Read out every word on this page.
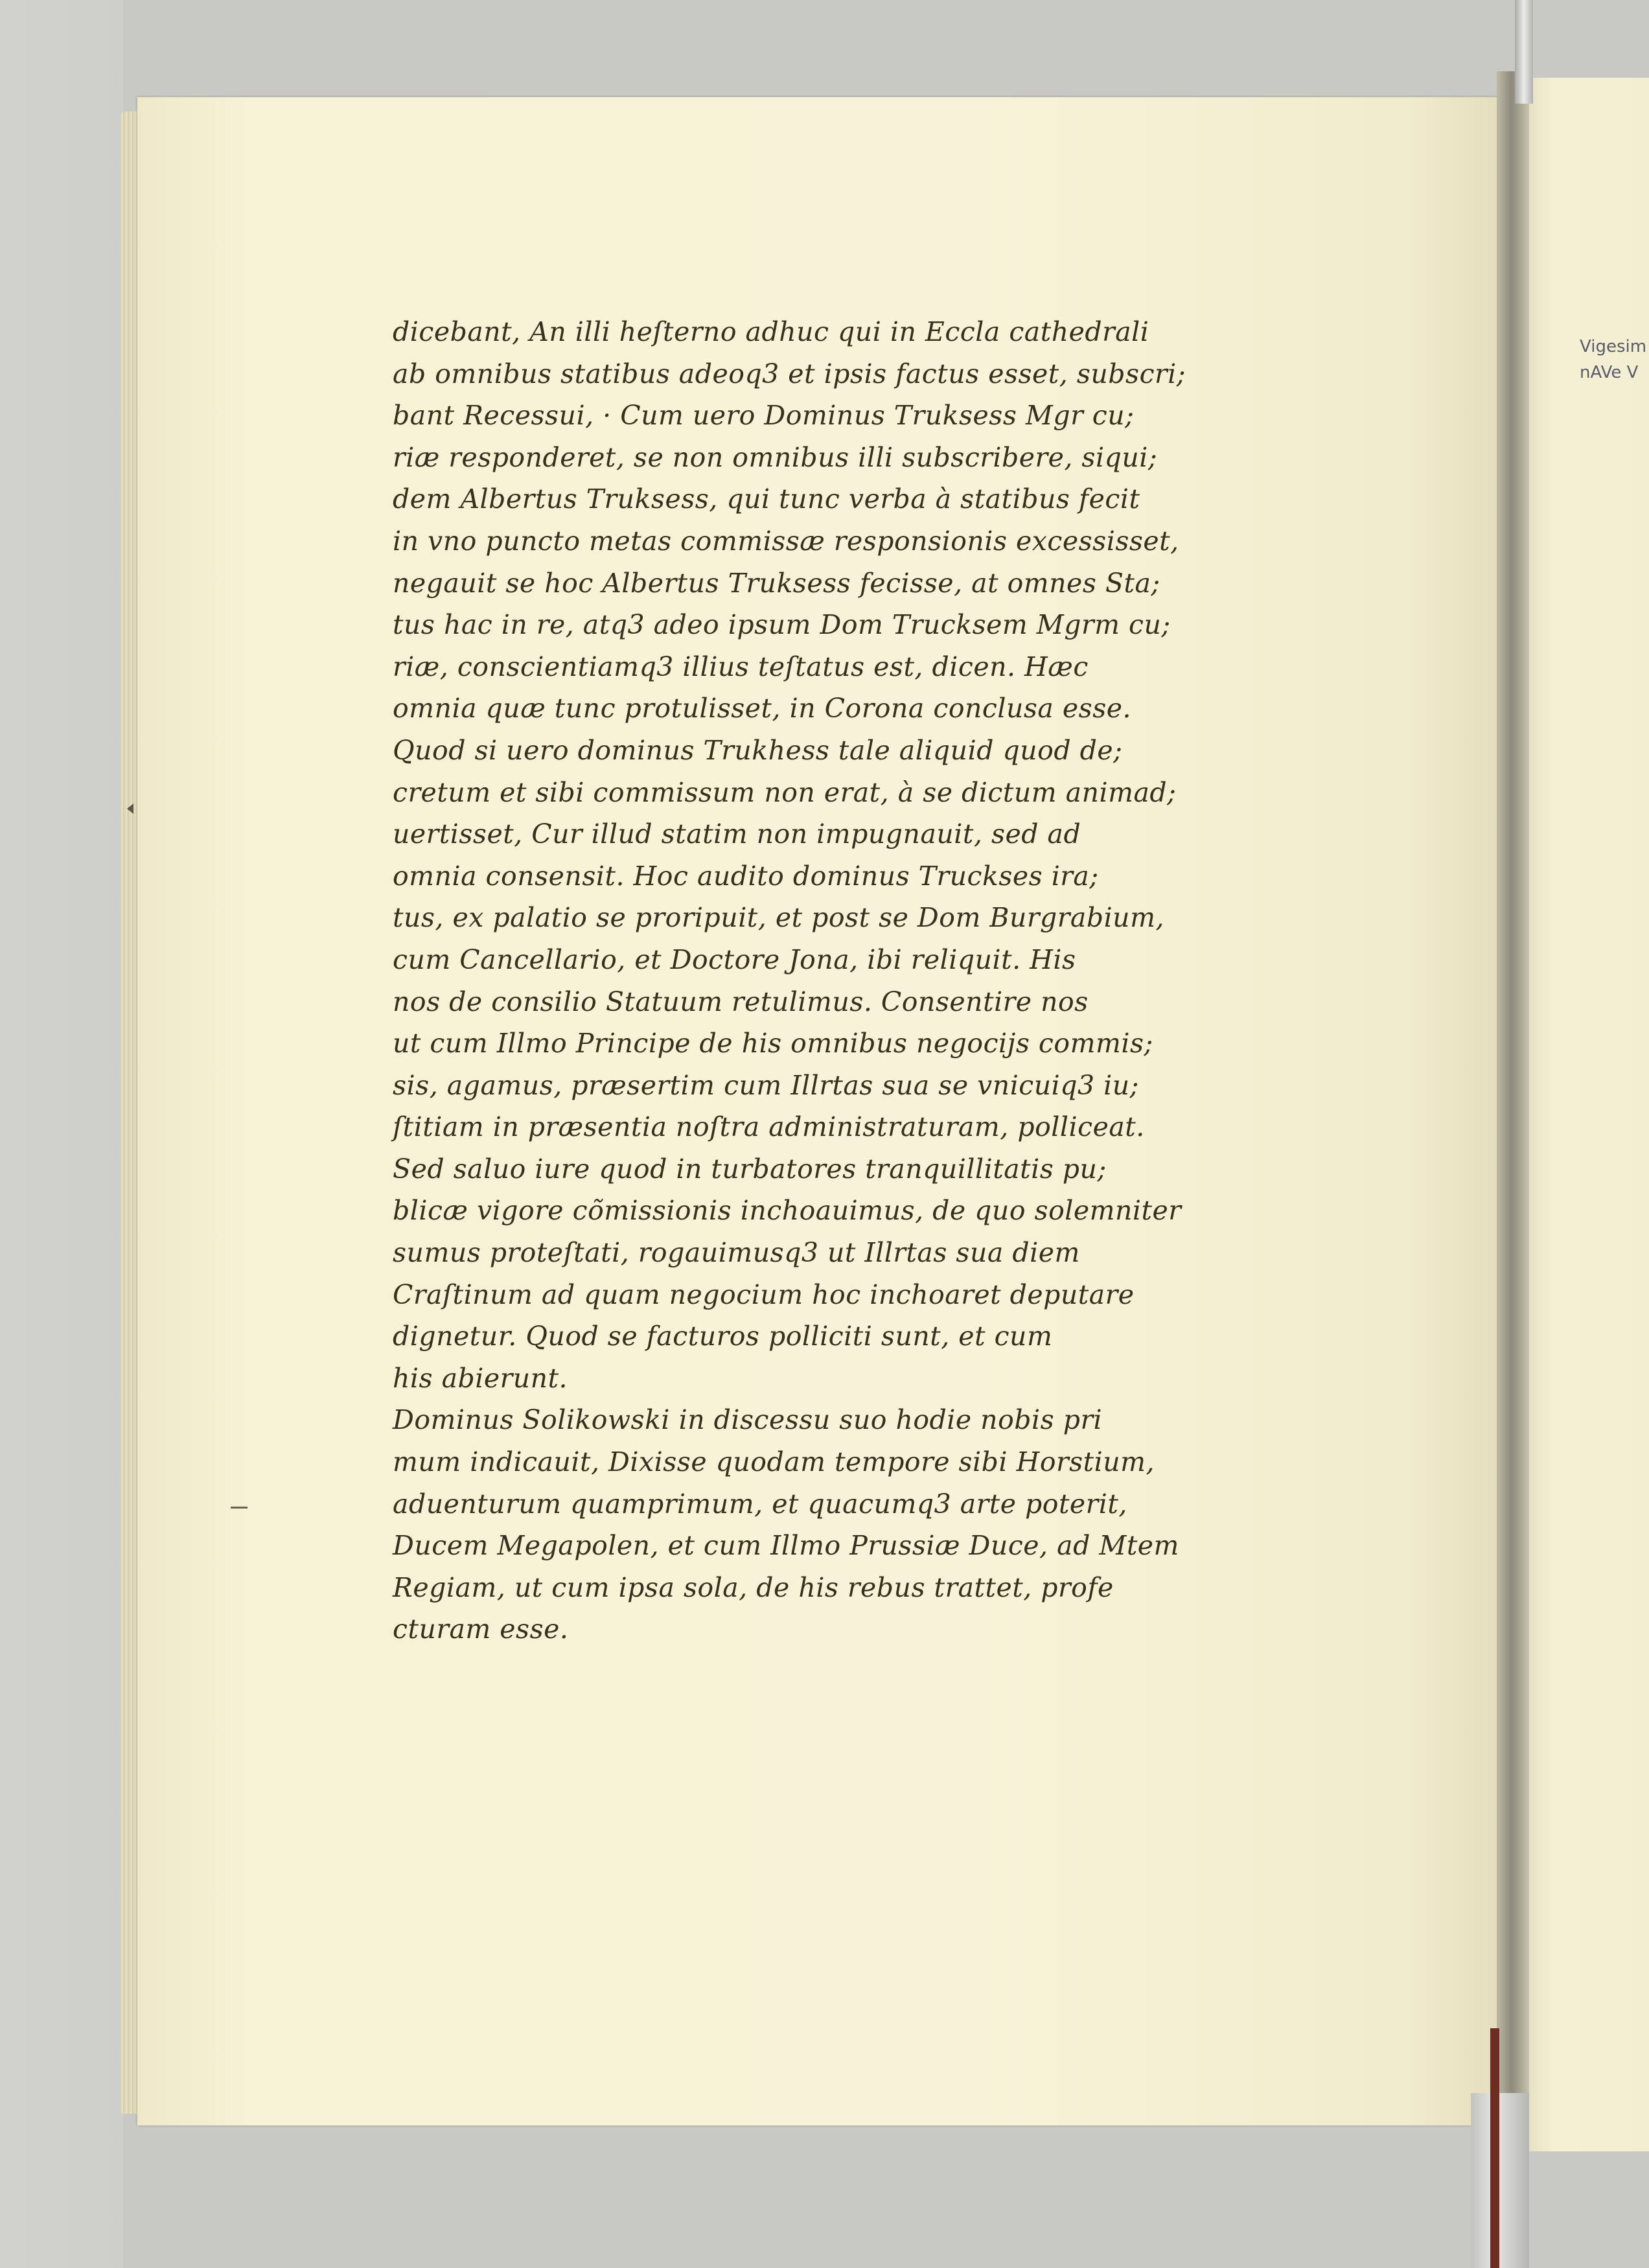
dicebant, An illi heſterno adhuc qui in Eccla cathedrali
ab omnibus statibus adeoq3 et ipsis factus esset, subscri;
bant Recessui, · Cum uero Dominus Truksess Mgr cu;
riæ responderet, se non omnibus illi subscribere, siqui;
dem Albertus Truksess, qui tunc verba à statibus fecit
in vno puncto metas commissæ responsionis excessisset,
negauit se hoc Albertus Truksess fecisse, at omnes Sta;
tus hac in re, atq3 adeo ipsum Dom Trucksem Mgrm cu;
riæ, conscientiamq3 illius teſtatus est, dicen. Hæc
omnia quæ tunc protulisset, in Corona conclusa esse.
Quod si uero dominus Trukhess tale aliquid quod de;
cretum et sibi commissum non erat, à se dictum animad;
uertisset, Cur illud statim non impugnauit, sed ad
omnia consensit. Hoc audito dominus Truckses ira;
tus, ex palatio se proripuit, et post se Dom Burgrabium,
cum Cancellario, et Doctore Jona, ibi reliquit. His
nos de consilio Statuum retulimus. Consentire nos
ut cum Illmo Principe de his omnibus negocijs commis;
sis, agamus, præsertim cum Illrtas sua se vnicuiq3 iu;
ſtitiam in præsentia noſtra administraturam, polliceat.
Sed saluo iure quod in turbatores tranquillitatis pu;
blicæ vigore cõmissionis inchoauimus, de quo solemniter
sumus proteſtati, rogauimusq3 ut Illrtas sua diem
Craſtinum ad quam negocium hoc inchoaret deputare
dignetur. Quod se facturos polliciti sunt, et cum
his abierunt.
Dominus Solikowski in discessu suo hodie nobis pri
mum indicauit, Dixisse quodam tempore sibi Horstium,
aduenturum quamprimum, et quacumq3 arte poterit,
Ducem Megapolen, et cum Illmo Prussiæ Duce, ad Mtem
Regiam, ut cum ipsa sola, de his rebus trattet, profe
cturam esse.
Vigesim
nAVe V
